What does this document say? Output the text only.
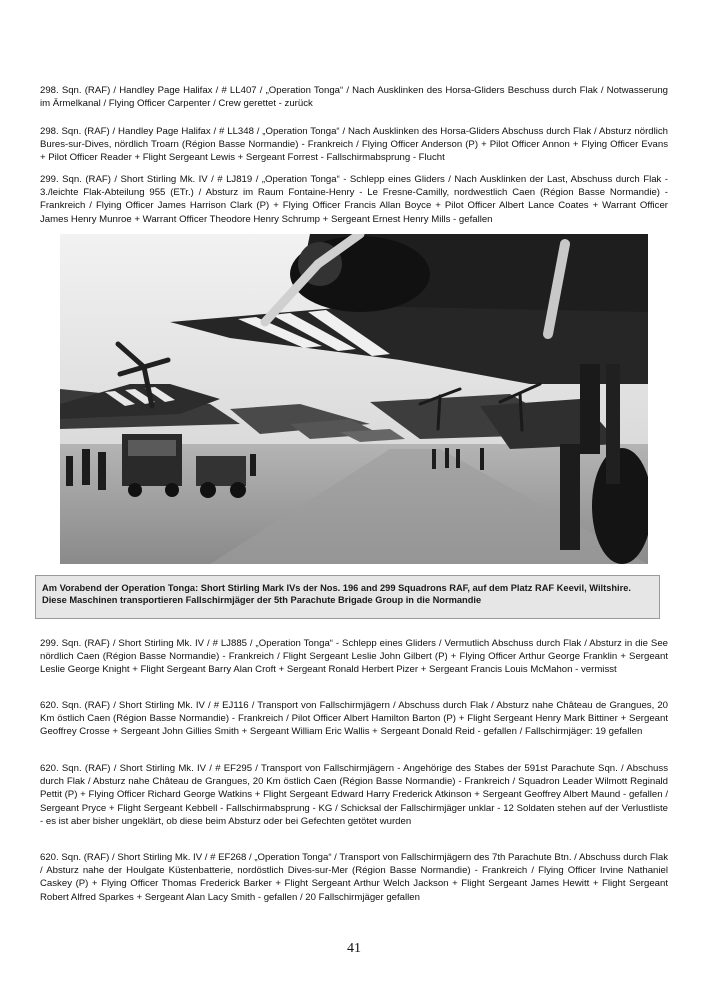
298. Sqn. (RAF) / Handley Page Halifax / # LL407 / „Operation Tonga“ / Nach Ausklinken des Horsa-Gliders Beschuss durch Flak / Notwasserung im Ärmelkanal / Flying Officer Carpenter / Crew gerettet - zurück

298. Sqn. (RAF) / Handley Page Halifax / # LL348 / „Operation Tonga“ / Nach Ausklinken des Horsa-Gliders Abschuss durch Flak / Absturz nördlich Bures-sur-Dives, nördlich Troarn (Région Basse Normandie) - Frankreich / Flying Officer Anderson (P) + Pilot Officer Annon + Flying Officer Evans + Pilot Officer Reader + Flight Sergeant Lewis + Sergeant Forrest - Fallschirmabsprung - Flucht

299. Sqn. (RAF) / Short Stirling Mk. IV / # LJ819 / „Operation Tonga“ - Schlepp eines Gliders / Nach Ausklinken der Last, Abschuss durch Flak - 3./leichte Flak-Abteilung 955 (ETr.) / Absturz im Raum Fontaine-Henry - Le Fresne-Camilly, nordwestlich Caen (Région Basse Normandie) - Frankreich / Flying Officer James Harrison Clark (P) + Flying Officer Francis Allan Boyce + Pilot Officer Albert Lance Coates + Warrant Officer James Henry Munroe + Warrant Officer Theodore Henry Schrump + Sergeant Ernest Henry Mills - gefallen

Am Vorabend der Operation Tonga: Short Stirling Mark IVs der Nos. 196 and 299 Squadrons RAF, auf dem Platz RAF Keevil, Wiltshire. Diese Maschinen transportieren Fallschirmjäger der 5th Parachute Brigade Group in die Normandie

299. Sqn. (RAF) / Short Stirling Mk. IV / # LJ885 / „Operation Tonga“ - Schlepp eines Gliders / Vermutlich Abschuss durch Flak / Absturz in die See nördlich Caen (Région Basse Normandie) - Frankreich / Flight Sergeant Leslie John Gilbert (P) + Flying Officer Arthur George Franklin + Sergeant Leslie George Knight + Flight Sergeant Barry Alan Croft + Sergeant Ronald Herbert Pizer + Sergeant Francis Louis McMahon - vermisst

620. Sqn. (RAF) / Short Stirling Mk. IV / # EJ116 / Transport von Fallschirmjägern / Abschuss durch Flak / Absturz nahe Château de Grangues, 20 Km östlich Caen (Région Basse Normandie) - Frankreich / Pilot Officer Albert Hamilton Barton (P) + Flight Sergeant Henry Mark Bittiner + Sergeant Geoffrey Crosse + Sergeant John Gillies Smith + Sergeant William Eric Wallis + Sergeant Donald Reid - gefallen / Fallschirmjäger: 19 gefallen

620. Sqn. (RAF) / Short Stirling Mk. IV / # EF295 / Transport von Fallschirmjägern - Angehörige des Stabes der 591st Parachute Sqn. / Abschuss durch Flak / Absturz nahe Château de Grangues, 20 Km östlich Caen (Région Basse Normandie) - Frankreich / Squadron Leader Wilmott Reginald Pettit (P) + Flying Officer Richard George Watkins + Flight Sergeant Edward Harry Frederick Atkinson + Sergeant Geoffrey Albert Maund - gefallen / Sergeant Pryce + Flight Sergeant Kebbell - Fallschirmabsprung - KG / Schicksal der Fallschirmjäger unklar - 12 Soldaten stehen auf der Verlustliste - es ist aber bisher ungeklärt, ob diese beim Absturz oder bei Gefechten getötet wurden

620. Sqn. (RAF) / Short Stirling Mk. IV / # EF268 / „Operation Tonga“ / Transport von Fallschirmjägern des 7th Parachute Btn. / Abschuss durch Flak / Absturz nahe der Houlgate Küstenbatterie, nordöstlich Dives-sur-Mer (Région Basse Normandie) - Frankreich / Flying Officer Irvine Nathaniel Caskey (P) + Flying Officer Thomas Frederick Barker + Flight Sergeant Arthur Welch Jackson + Flight Sergeant James Hewitt + Flight Sergeant Robert Alfred Sparkes + Sergeant Alan Lacy Smith - gefallen / 20 Fallschirmjäger gefallen

41
